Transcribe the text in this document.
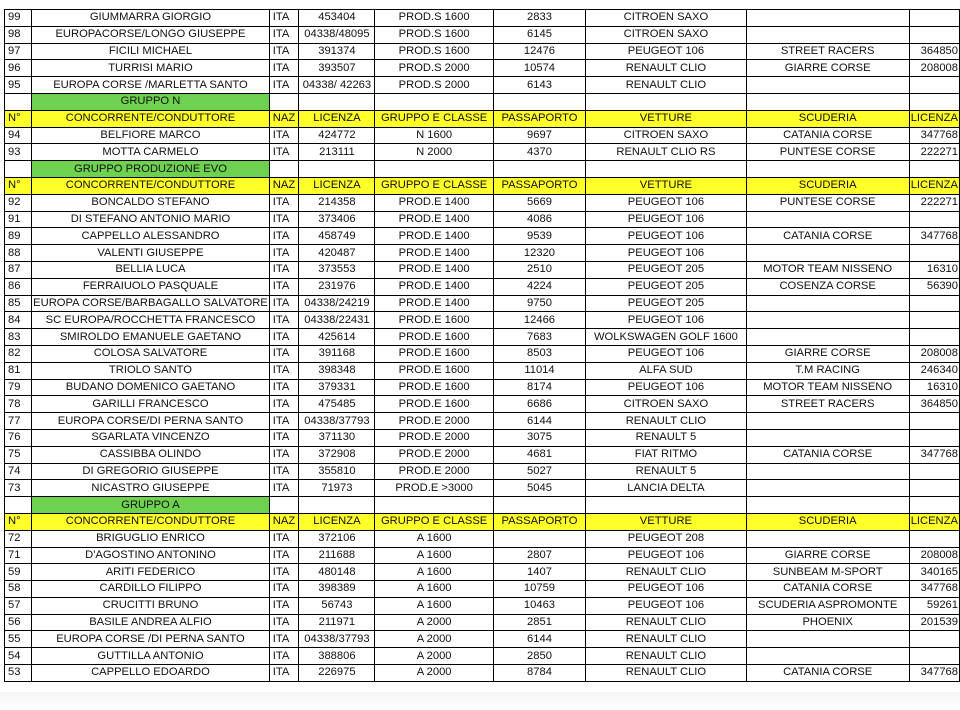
99	GIUMMARRA GIORGIO	ITA	453404	PROD.S 1600	2833	CITROEN SAXO		
98	EUROPACORSE/LONGO GIUSEPPE	ITA	04338/48095	PROD.S 1600	6145	CITROEN SAXO		
97	FICILI MICHAEL	ITA	391374	PROD.S 1600	12476	PEUGEOT 106	STREET RACERS	364850
96	TURRISI MARIO	ITA	393507	PROD.S 2000	10574	RENAULT CLIO	GIARRE CORSE	208008
95	EUROPA CORSE /MARLETTA SANTO	ITA	04338/ 42263	PROD.S 2000	6143	RENAULT CLIO		
	GRUPPO N							
N°	CONCORRENTE/CONDUTTORE	NAZ	LICENZA	GRUPPO E CLASSE	PASSAPORTO	VETTURE	SCUDERIA	LICENZA
94	BELFIORE MARCO	ITA	424772	N 1600	9697	CITROEN SAXO	CATANIA CORSE	347768
93	MOTTA CARMELO	ITA	213111	N 2000	4370	RENAULT CLIO RS	PUNTESE CORSE	222271
	GRUPPO PRODUZIONE EVO							
N°	CONCORRENTE/CONDUTTORE	NAZ	LICENZA	GRUPPO E CLASSE	PASSAPORTO	VETTURE	SCUDERIA	LICENZA
92	BONCALDO STEFANO	ITA	214358	PROD.E 1400	5669	PEUGEOT 106	PUNTESE CORSE	222271
91	DI STEFANO ANTONIO MARIO	ITA	373406	PROD.E 1400	4086	PEUGEOT 106		
89	CAPPELLO ALESSANDRO	ITA	458749	PROD.E 1400	9539	PEUGEOT 106	CATANIA CORSE	347768
88	VALENTI GIUSEPPE	ITA	420487	PROD.E 1400	12320	PEUGEOT 106		
87	BELLIA LUCA	ITA	373553	PROD.E 1400	2510	PEUGEOT 205	MOTOR TEAM NISSENO	16310
86	FERRAIUOLO PASQUALE	ITA	231976	PROD.E 1400	4224	PEUGEOT 205	COSENZA CORSE	56390
85	EUROPA CORSE/BARBAGALLO SALVATORE	ITA	04338/24219	PROD.E 1400	9750	PEUGEOT 205		
84	SC EUROPA/ROCCHETTA FRANCESCO	ITA	04338/22431	PROD.E 1600	12466	PEUGEOT 106		
83	SMIROLDO EMANUELE GAETANO	ITA	425614	PROD.E 1600	7683	WOLKSWAGEN GOLF 1600		
82	COLOSA SALVATORE	ITA	391168	PROD.E 1600	8503	PEUGEOT 106	GIARRE CORSE	208008
81	TRIOLO SANTO	ITA	398348	PROD.E 1600	11014	ALFA SUD	T.M RACING	246340
79	BUDANO DOMENICO GAETANO	ITA	379331	PROD.E 1600	8174	PEUGEOT 106	MOTOR TEAM NISSENO	16310
78	GARILLI FRANCESCO	ITA	475485	PROD.E 1600	6686	CITROEN SAXO	STREET RACERS	364850
77	EUROPA CORSE/DI PERNA SANTO	ITA	04338/37793	PROD.E 2000	6144	RENAULT CLIO		
76	SGARLATA VINCENZO	ITA	371130	PROD.E 2000	3075	RENAULT 5		
75	CASSIBBA OLINDO	ITA	372908	PROD.E 2000	4681	FIAT RITMO	CATANIA CORSE	347768
74	DI GREGORIO GIUSEPPE	ITA	355810	PROD.E 2000	5027	RENAULT 5		
73	NICASTRO GIUSEPPE	ITA	71973	PROD.E >3000	5045	LANCIA DELTA		
	GRUPPO A							
N°	CONCORRENTE/CONDUTTORE	NAZ	LICENZA	GRUPPO E CLASSE	PASSAPORTO	VETTURE	SCUDERIA	LICENZA
72	BRIGUGLIO ENRICO	ITA	372106	A 1600		PEUGEOT 208		
71	D'AGOSTINO ANTONINO	ITA	211688	A 1600	2807	PEUGEOT 106	GIARRE CORSE	208008
59	ARITI FEDERICO	ITA	480148	A 1600	1407	RENAULT CLIO	SUNBEAM M-SPORT	340165
58	CARDILLO FILIPPO	ITA	398389	A 1600	10759	PEUGEOT 106	CATANIA CORSE	347768
57	CRUCITTI BRUNO	ITA	56743	A 1600	10463	PEUGEOT 106	SCUDERIA ASPROMONTE	59261
56	BASILE ANDREA ALFIO	ITA	211971	A 2000	2851	RENAULT CLIO	PHOENIX	201539
55	EUROPA CORSE /DI PERNA SANTO	ITA	04338/37793	A 2000	6144	RENAULT CLIO		
54	GUTTILLA ANTONIO	ITA	388806	A 2000	2850	RENAULT CLIO		
53	CAPPELLO EDOARDO	ITA	226975	A 2000	8784	RENAULT CLIO	CATANIA CORSE	347768
